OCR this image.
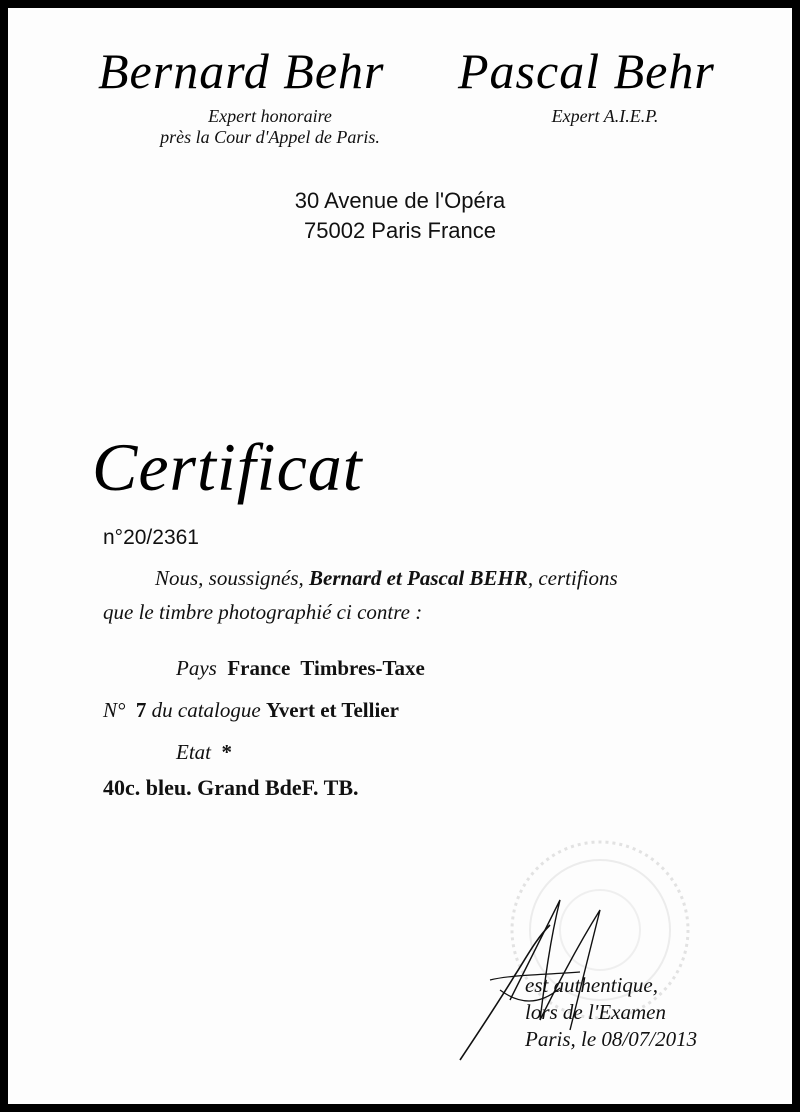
Bernard Behr Pascal Behr
Expert honoraire
près la Cour d'Appel de Paris.
Expert A.I.E.P.
30 Avenue de l'Opéra
75002 Paris France
Certificat
n°20/2361
Nous, soussignés, Bernard et Pascal BEHR, certifions
que le timbre photographié ci contre :
Pays France  Timbres-Taxe
N° 7 du catalogue Yvert et Tellier
Etat *
40c. bleu. Grand BdeF. TB.
est authentique,
lors de l'Examen
Paris, le 08/07/2013
